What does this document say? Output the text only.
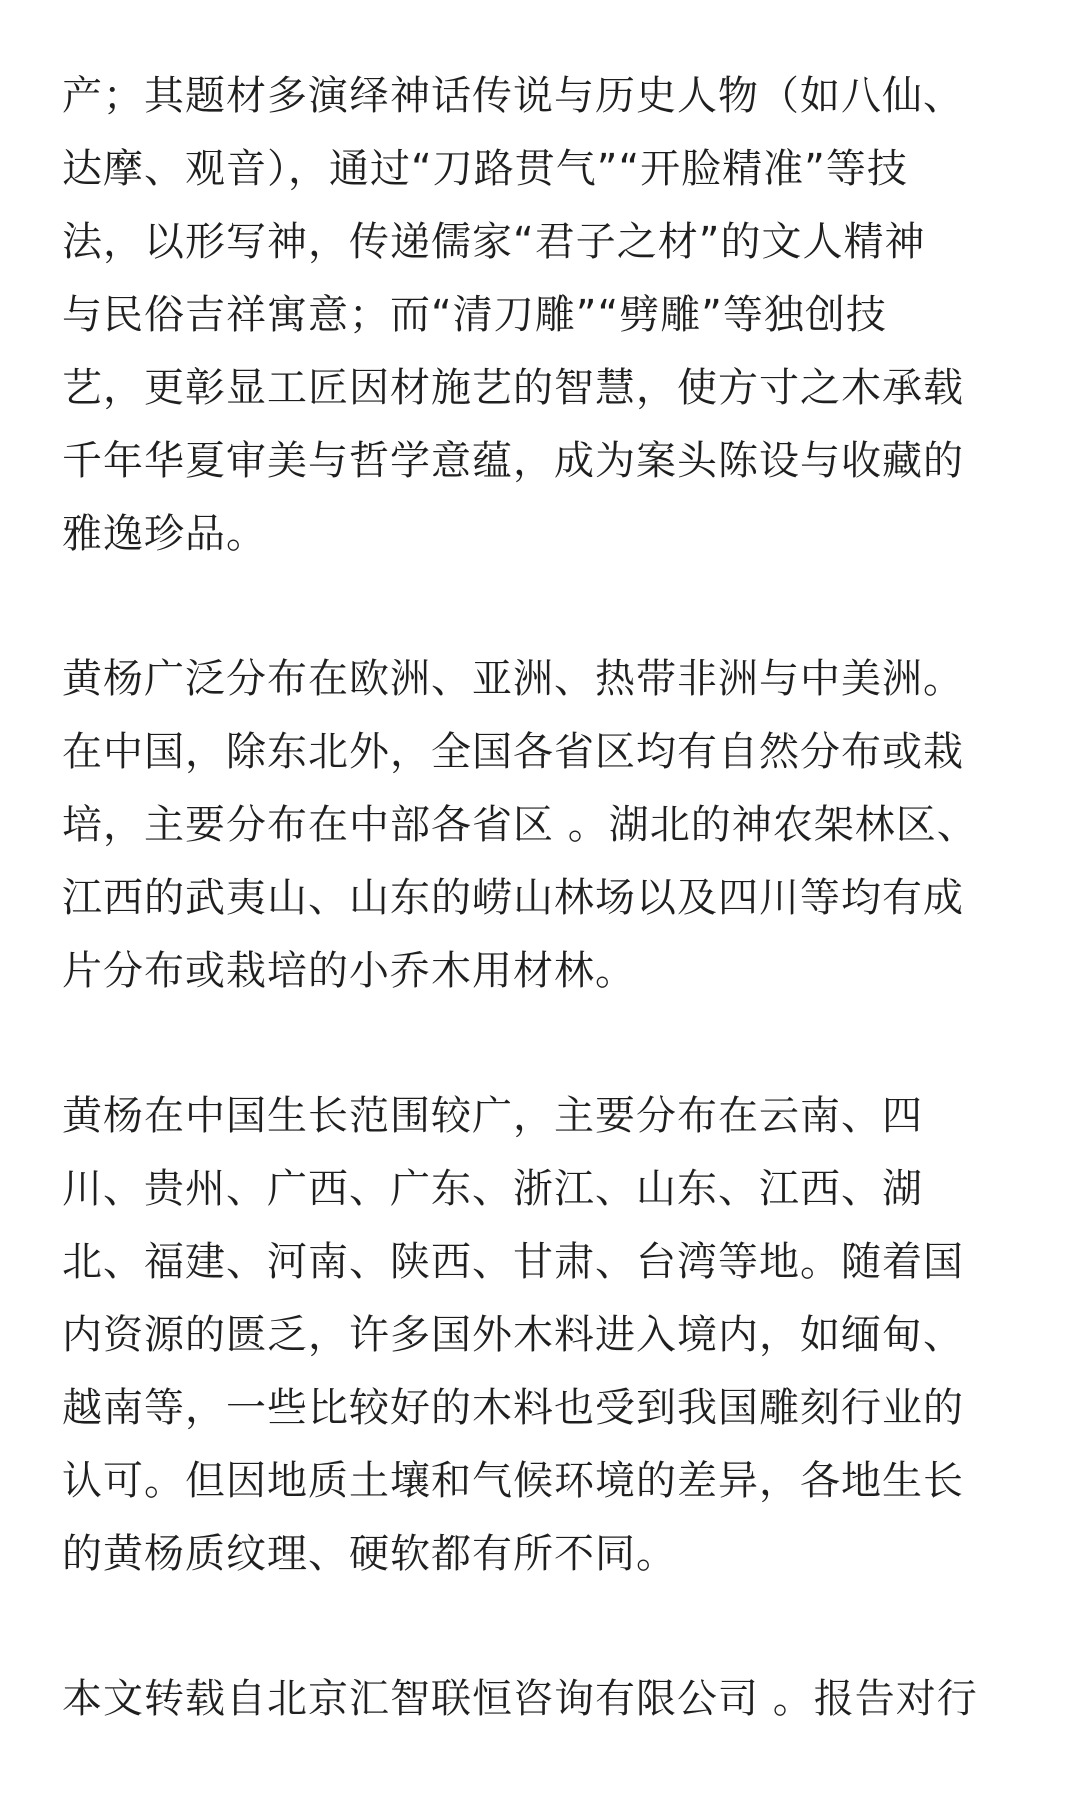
产；其题材多演绎神话传说与历史人物（如八仙、
达摩、观音），通过“刀路贯气”“开脸精准”等技
法，以形写神，传递儒家“君子之材”的文人精神
与民俗吉祥寓意；而“清刀雕”“劈雕”等独创技
艺，更彰显工匠因材施艺的智慧，使方寸之木承载
千年华夏审美与哲学意蕴，成为案头陈设与收藏的
雅逸珍品。

黄杨广泛分布在欧洲、亚洲、热带非洲与中美洲。
在中国，除东北外，全国各省区均有自然分布或栽
培，主要分布在中部各省区 。湖北的神农架林区、
江西的武夷山、山东的崂山林场以及四川等均有成
片分布或栽培的小乔木用材林。

黄杨在中国生长范围较广，主要分布在云南、四
川、贵州、广西、广东、浙江、山东、江西、湖
北、福建、河南、陕西、甘肃、台湾等地。随着国
内资源的匮乏，许多国外木料进入境内，如缅甸、
越南等，一些比较好的木料也受到我国雕刻行业的
认可。但因地质土壤和气候环境的差异，各地生长
的黄杨质纹理、硬软都有所不同。

本文转载自北京汇智联恒咨询有限公司 。报告对行
